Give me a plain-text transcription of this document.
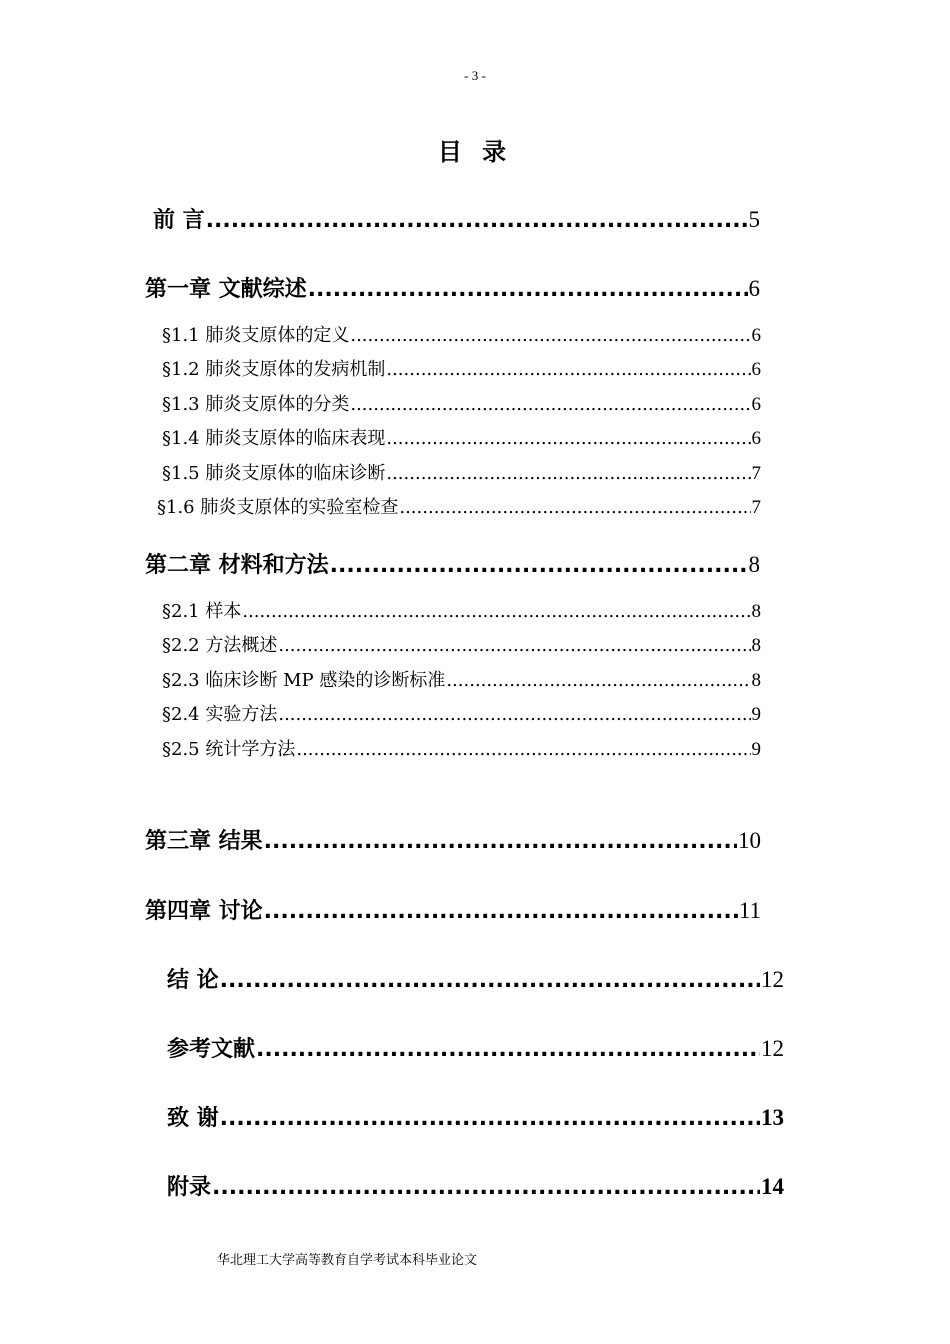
- 3 -
目 录
前 言 .....	5
第一章 文献综述 .....	6
§1.1 肺炎支原体的定义 .....	6
§1.2 肺炎支原体的发病机制 .....	6
§1.3 肺炎支原体的分类 .....	6
§1.4 肺炎支原体的临床表现 .....	6
§1.5 肺炎支原体的临床诊断 .....	7
§1.6 肺炎支原体的实验室检查 .....	7
第二章 材料和方法 .....	8
§2.1 样本 .....	8
§2.2 方法概述 .....	8
§2.3 临床诊断 MP 感染的诊断标准 .....	8
§2.4 实验方法 .....	9
§2.5 统计学方法 .....	9
第三章 结果 .....	10
第四章 讨论 .....	11
结 论 .....	12
参考文献 .....	12
致 谢 .....	13
附录 .....	14
华北理工大学高等教育自学考试本科毕业论文
